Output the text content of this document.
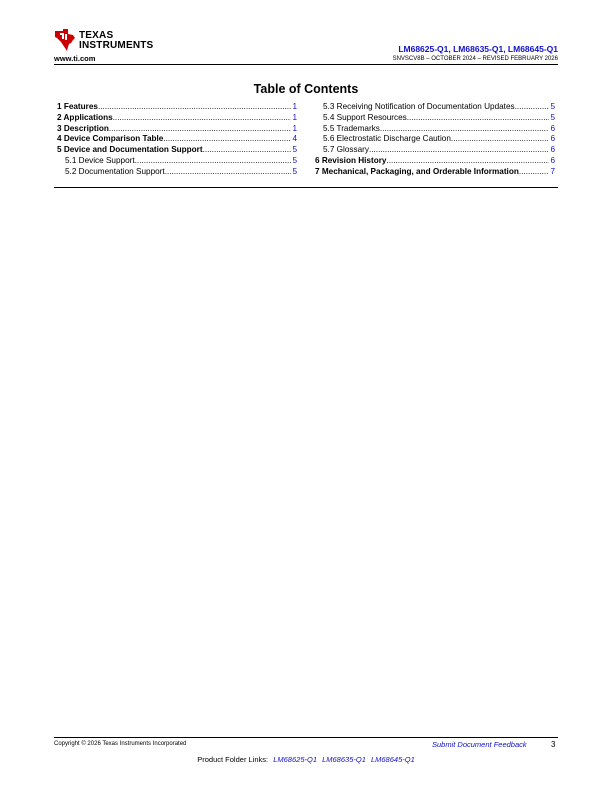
TEXAS
INSTRUMENTS
www.ti.com
LM68625-Q1, LM68635-Q1, LM68645-Q1
SNVSCV8B – OCTOBER 2024 – REVISED FEBRUARY 2026
Table of Contents
1 Features .....	1
2 Applications .....	1
3 Description .....	1
4 Device Comparison Table .....	4
5 Device and Documentation Support .....	5
5.1 Device Support .....	5
5.2 Documentation Support .....	5
5.3 Receiving Notification of Documentation Updates .....	5
5.4 Support Resources .....	5
5.5 Trademarks .....	6
5.6 Electrostatic Discharge Caution .....	6
5.7 Glossary .....	6
6 Revision History .....	6
7 Mechanical, Packaging, and Orderable Information .....	7
Copyright © 2026 Texas Instruments Incorporated	Submit Document Feedback	3
Product Folder Links: LM68625-Q1 LM68635-Q1 LM68645-Q1
